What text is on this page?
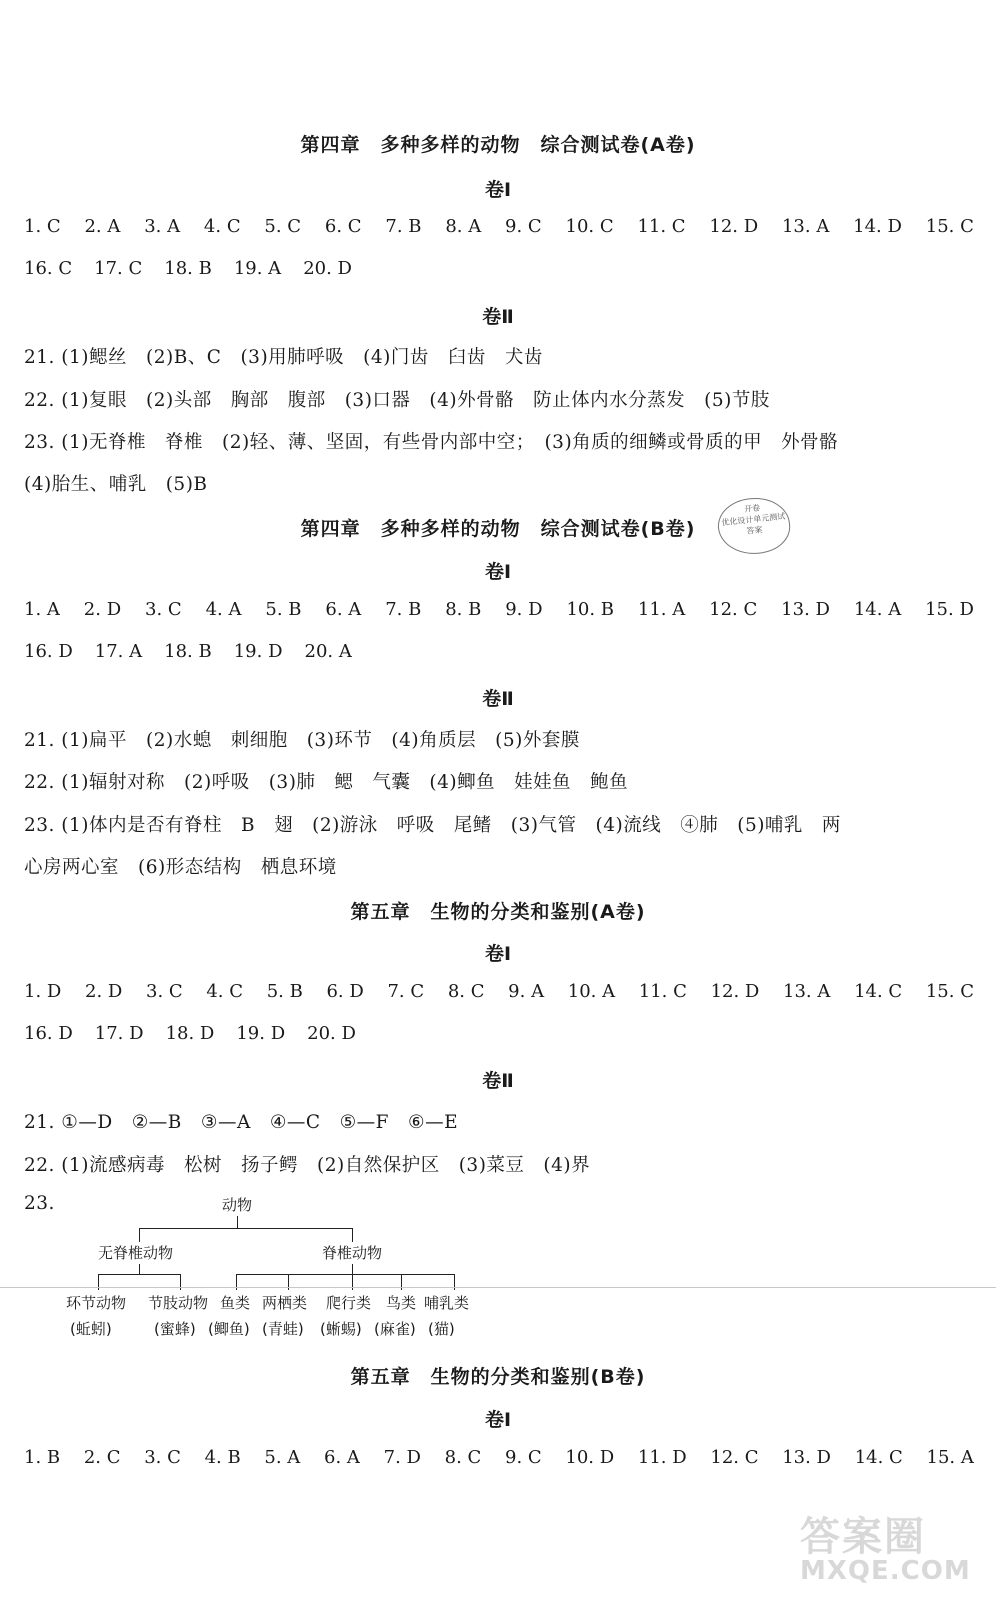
第四章　多种多样的动物　综合测试卷(A卷)
卷Ⅰ
1. C 2. A 3. A 4. C 5. C 6. C 7. B 8. A 9. C 10. C 11. C 12. D 13. A 14. D 15. C
16. C 17. C 18. B 19. A 20. D
卷Ⅱ
21. (1)鳃丝　(2)B、C　(3)用肺呼吸　(4)门齿　臼齿　犬齿
22. (1)复眼　(2)头部　胸部　腹部　(3)口器　(4)外骨骼　防止体内水分蒸发　(5)节肢
23. (1)无脊椎　脊椎　(2)轻、薄、坚固，有些骨内部中空；　(3)角质的细鳞或骨质的甲　外骨骼
(4)胎生、哺乳　(5)B
第四章　多种多样的动物　综合测试卷(B卷)
开卷
优化设计单元测试
答案
卷Ⅰ
1. A 2. D 3. C 4. A 5. B 6. A 7. B 8. B 9. D 10. B 11. A 12. C 13. D 14. A 15. D
16. D 17. A 18. B 19. D 20. A
卷Ⅱ
21. (1)扁平　(2)水螅　刺细胞　(3)环节　(4)角质层　(5)外套膜
22. (1)辐射对称　(2)呼吸　(3)肺　鳃　气囊　(4)鲫鱼　娃娃鱼　鲍鱼
23. (1)体内是否有脊柱　B　翅　(2)游泳　呼吸　尾鳍　(3)气管　(4)流线　④肺　(5)哺乳　两
心房两心室　(6)形态结构　栖息环境
第五章　生物的分类和鉴别(A卷)
卷Ⅰ
1. D 2. D 3. C 4. C 5. B 6. D 7. C 8. C 9. A 10. A 11. C 12. D 13. A 14. C 15. C
16. D 17. D 18. D 19. D 20. D
卷Ⅱ
21. ①—D　②—B　③—A　④—C　⑤—F　⑥—E
22. (1)流感病毒　松树　扬子鳄　(2)自然保护区　(3)菜豆　(4)界
23.	动物
无脊椎动物	脊椎动物
环节动物 节肢动物 鱼类 两栖类 爬行类 鸟类 哺乳类
(蚯蚓)	(蜜蜂) (鲫鱼) (青蛙) (蜥蜴) (麻雀) (猫)
第五章　生物的分类和鉴别(B卷)
卷Ⅰ
1. B 2. C 3. C 4. B 5. A 6. A 7. D 8. C 9. C 10. D 11. D 12. C 13. D 14. C 15. A
答案圈
MXQE.COM
